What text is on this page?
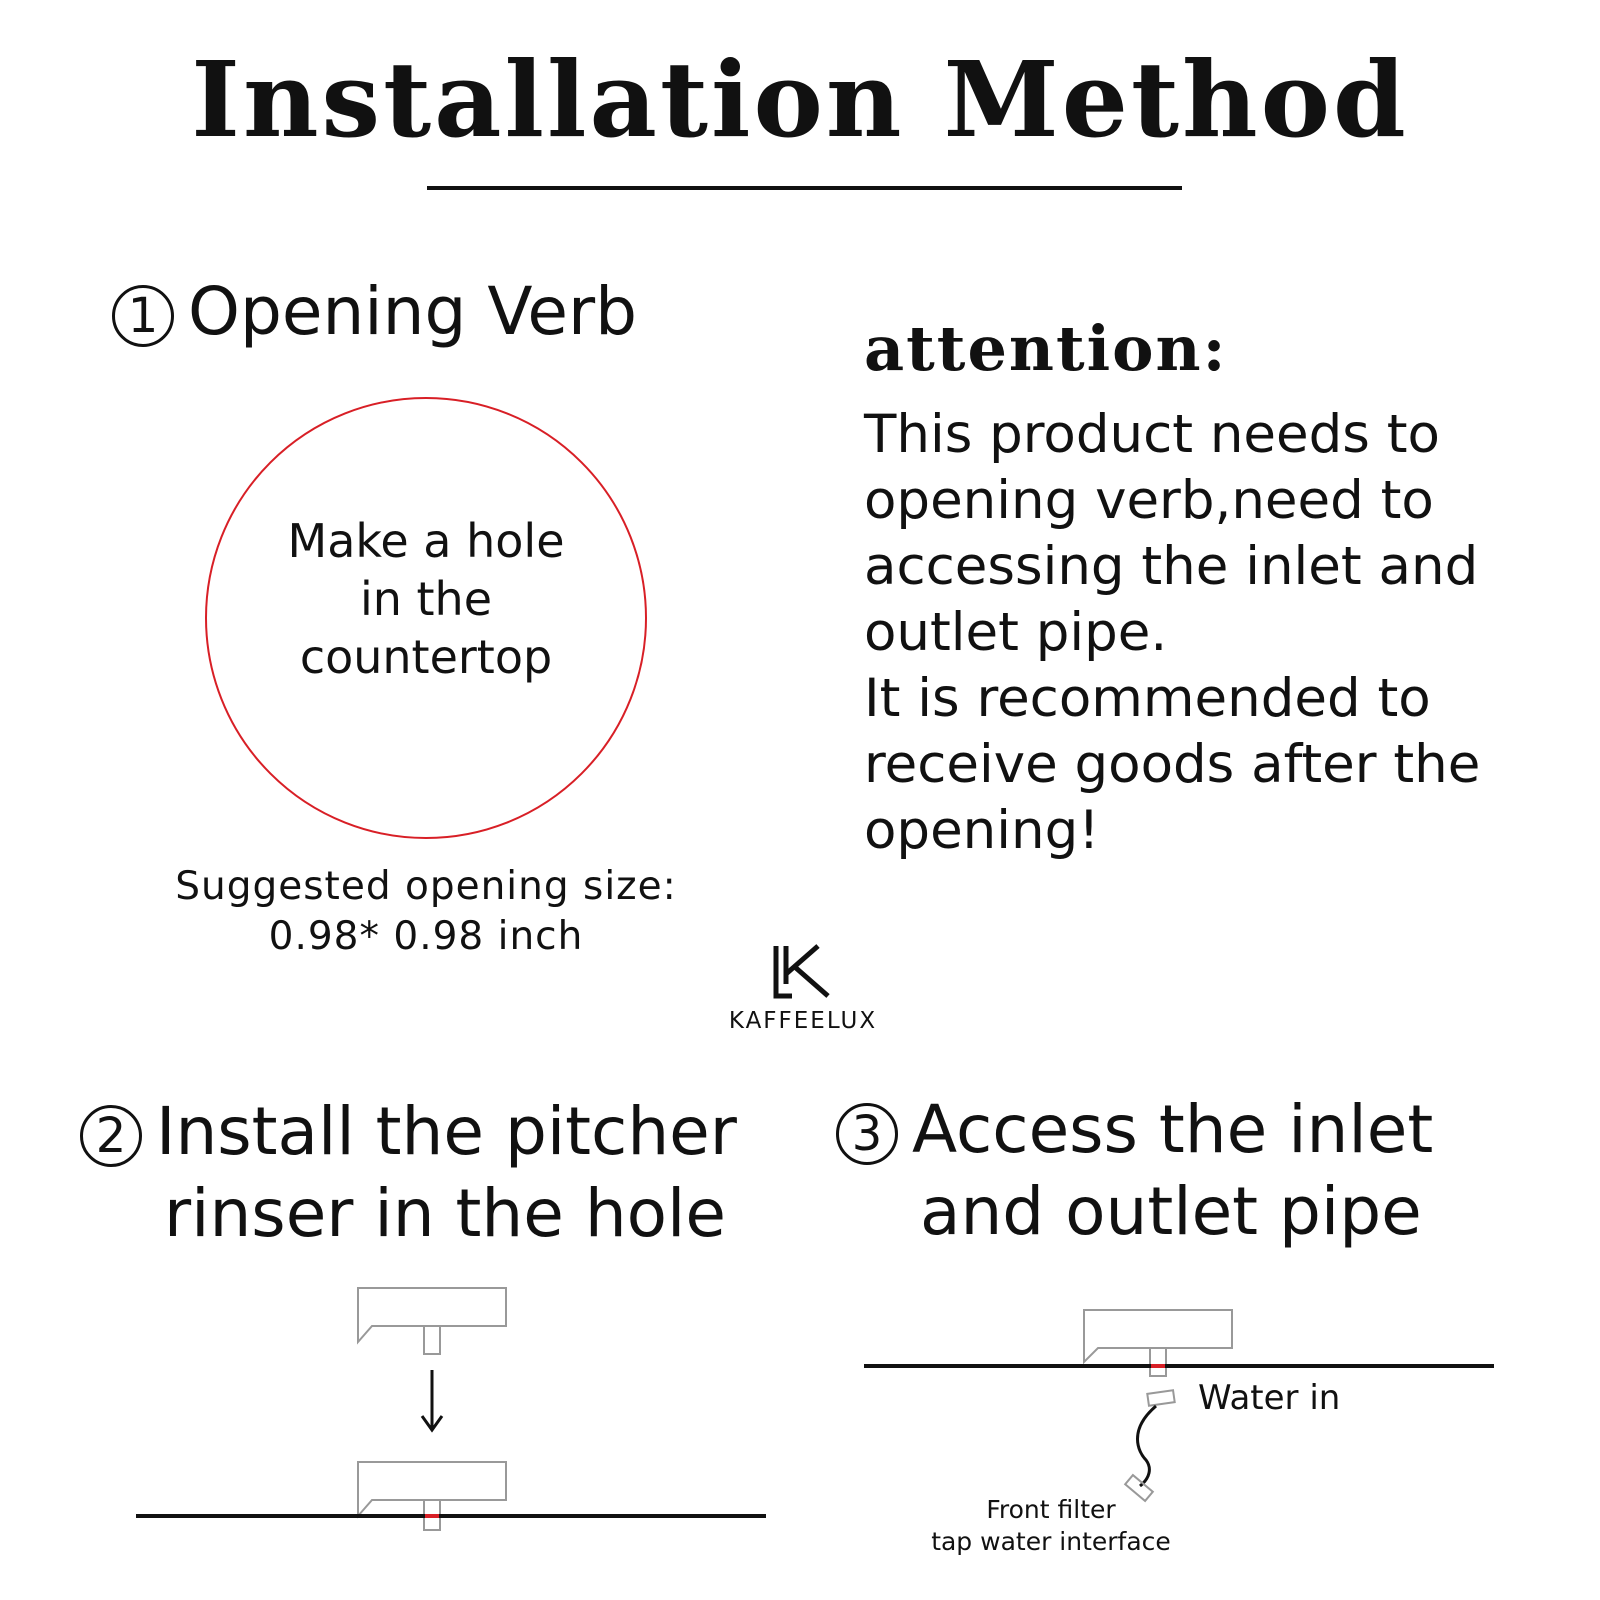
Installation Method
1 Opening Verb
Make a hole
in the
countertop
Suggested opening size:
0.98* 0.98 inch
attention:
This product needs to
opening verb,need to
accessing the inlet and
outlet pipe.
It is recommended to
receive goods after the
opening!
KAFFEELUX
2 Install the pitcher
rinser in the hole
3 Access the inlet
and outlet pipe
Water in
Front filter
tap water interface
